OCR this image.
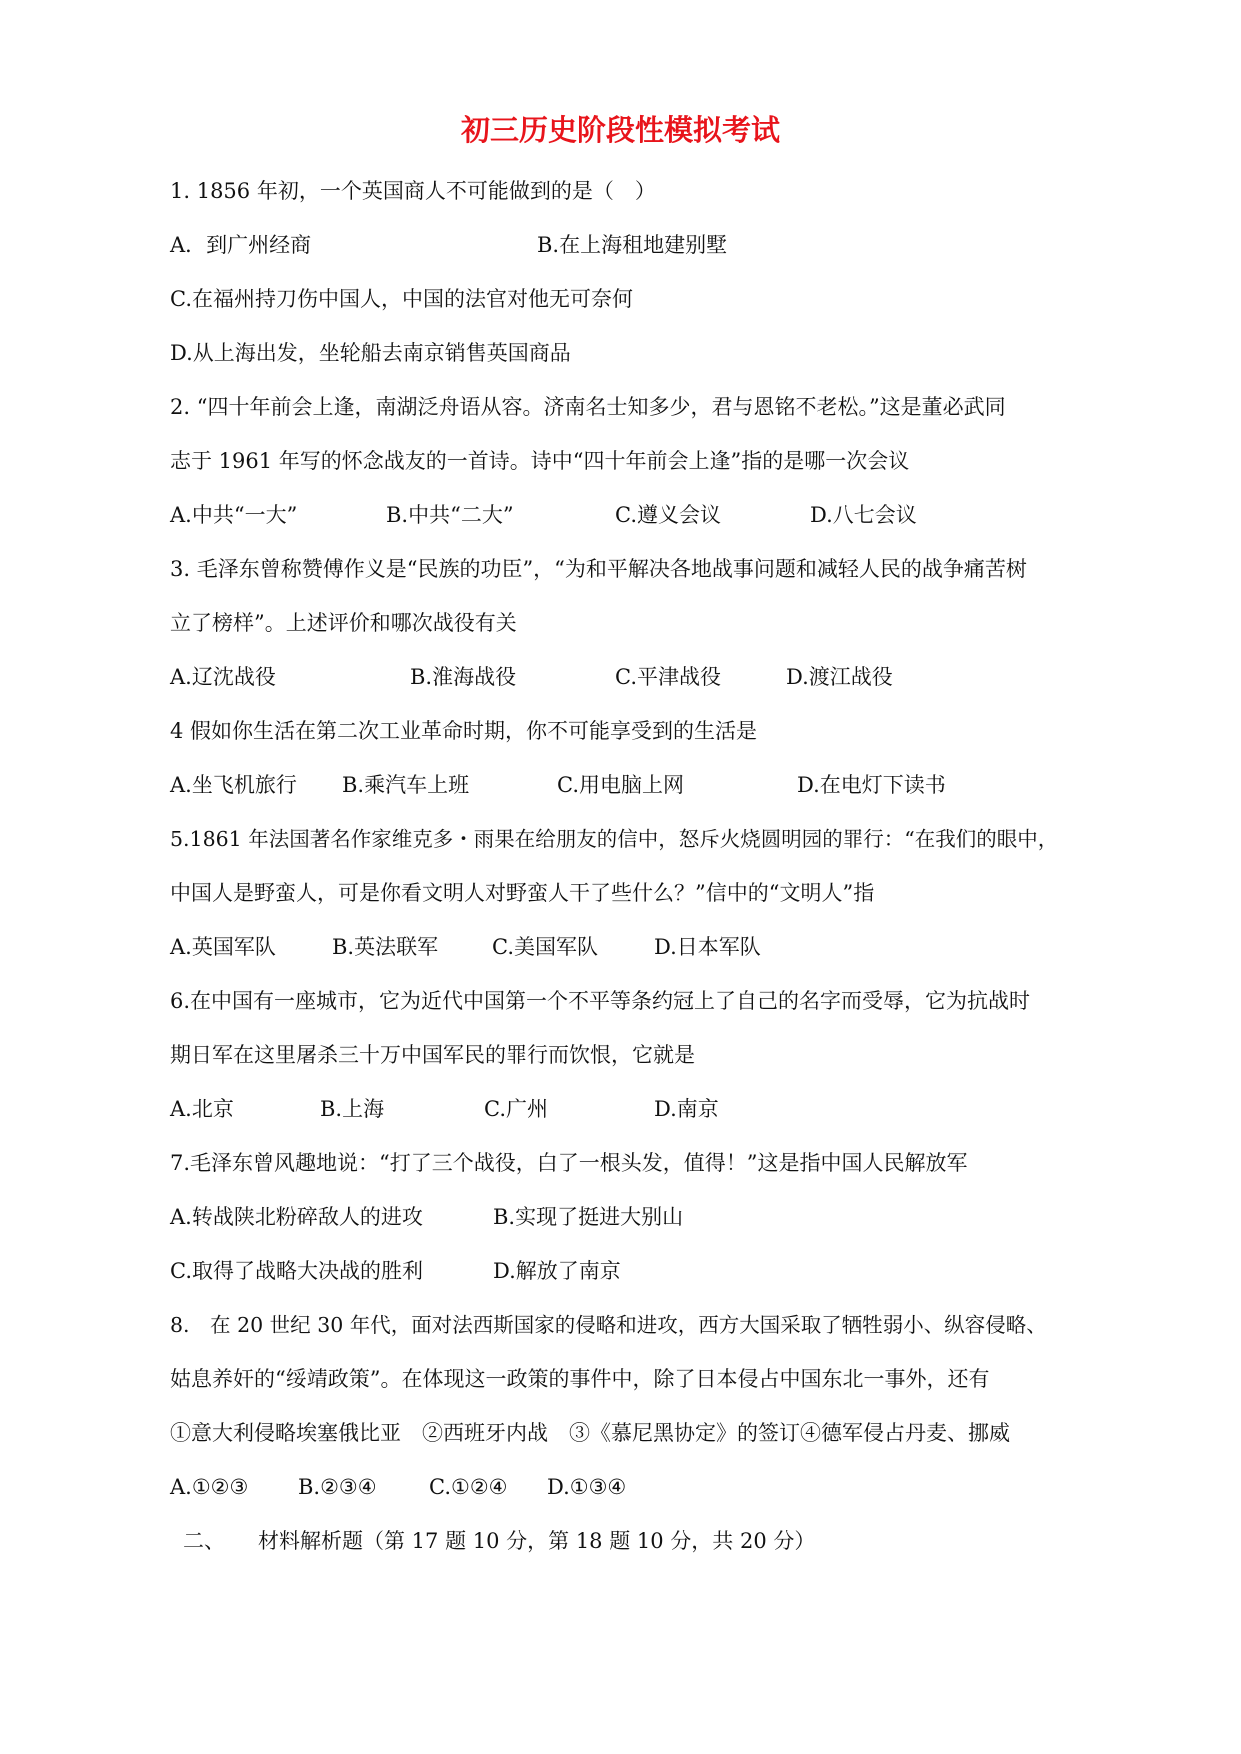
初三历史阶段性模拟考试
1. 1856 年初，一个英国商人不可能做到的是（　）
A．到广州经商	B.在上海租地建别墅
C.在福州持刀伤中国人，中国的法官对他无可奈何
D.从上海出发，坐轮船去南京销售英国商品
2. “四十年前会上逢，南湖泛舟语从容。济南名士知多少，君与恩铭不老松。”这是董必武同
志于 1961 年写的怀念战友的一首诗。诗中“四十年前会上逢”指的是哪一次会议
A.中共“一大”	B.中共“二大”	C.遵义会议	D.八七会议
3. 毛泽东曾称赞傅作义是“民族的功臣”，“为和平解决各地战事问题和减轻人民的战争痛苦树
立了榜样”。上述评价和哪次战役有关
A.辽沈战役	B.淮海战役	C.平津战役	D.渡江战役
4 假如你生活在第二次工业革命时期，你不可能享受到的生活是
A.坐飞机旅行 B.乘汽车上班	C.用电脑上网	D.在电灯下读书
5.1861 年法国著名作家维克多・雨果在给朋友的信中，怒斥火烧圆明园的罪行：“在我们的眼中，
中国人是野蛮人，可是你看文明人对野蛮人干了些什么？”信中的“文明人”指
A.英国军队	B.英法联军	C.美国军队	D.日本军队
6.在中国有一座城市，它为近代中国第一个不平等条约冠上了自己的名字而受辱，它为抗战时
期日军在这里屠杀三十万中国军民的罪行而饮恨，它就是
A.北京	B.上海	C.广州	D.南京
7.毛泽东曾风趣地说：“打了三个战役，白了一根头发，值得！”这是指中国人民解放军
A.转战陕北粉碎敌人的进攻	B.实现了挺进大别山
C.取得了战略大决战的胜利	D.解放了南京
8.　在 20 世纪 30 年代，面对法西斯国家的侵略和进攻，西方大国采取了牺牲弱小、纵容侵略、
姑息养奸的“绥靖政策”。在体现这一政策的事件中，除了日本侵占中国东北一事外，还有
①意大利侵略埃塞俄比亚　②西班牙内战　③《慕尼黑协定》的签订④德军侵占丹麦、挪威
A.①②③ B.②③④ C.①②④ D.①③④
二、 材料解析题（第 17 题 10 分，第 18 题 10 分，共 20 分）
